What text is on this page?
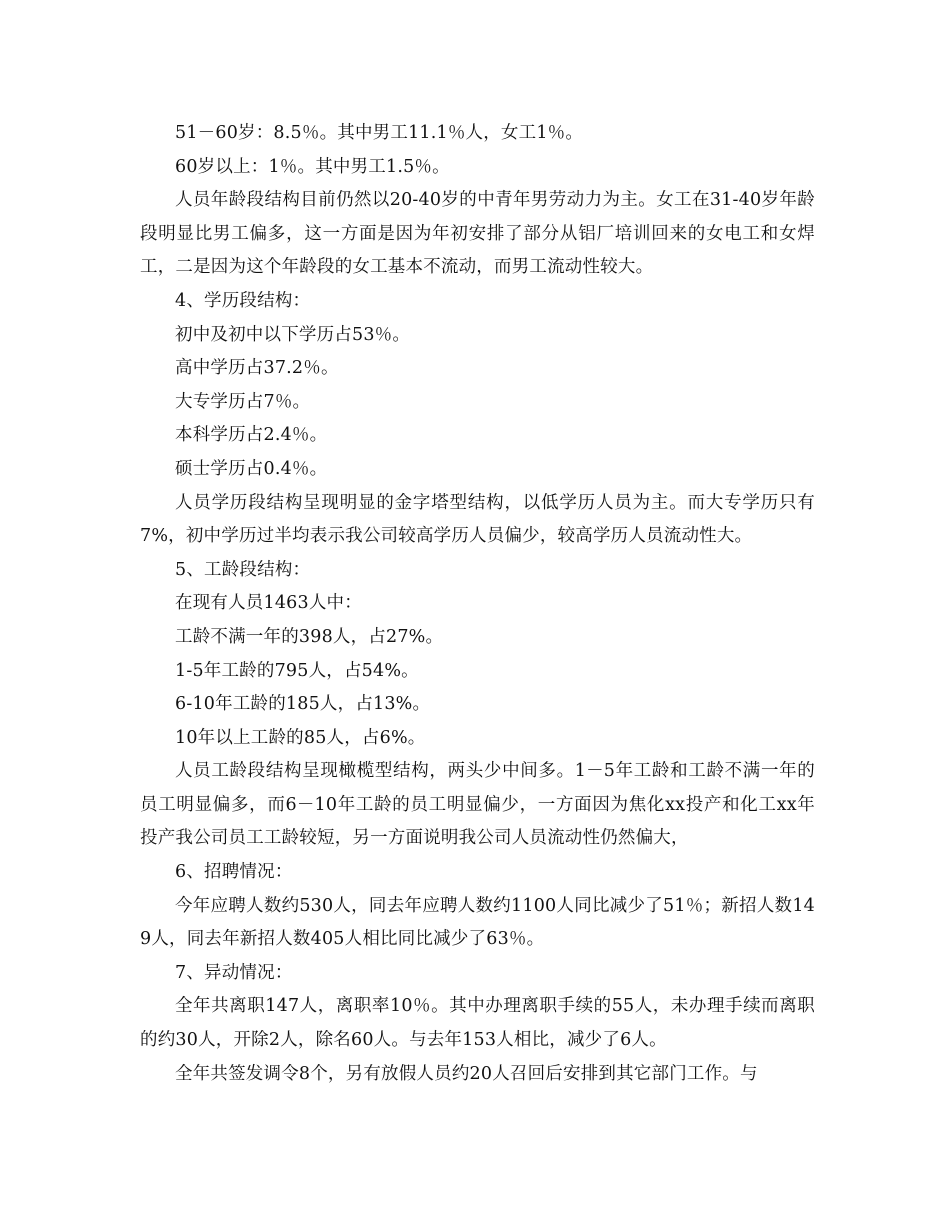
51－60岁：8.5％。其中男工11.1％人，女工1％。

60岁以上：1％。其中男工1.5％。

人员年龄段结构目前仍然以20-40岁的中青年男劳动力为主。女工在31-40岁年龄段明显比男工偏多，这一方面是因为年初安排了部分从铝厂培训回来的女电工和女焊工，二是因为这个年龄段的女工基本不流动，而男工流动性较大。

4、学历段结构：

初中及初中以下学历占53％。

高中学历占37.2％。

大专学历占7％。

本科学历占2.4％。

硕士学历占0.4％。

人员学历段结构呈现明显的金字塔型结构，以低学历人员为主。而大专学历只有7%，初中学历过半均表示我公司较高学历人员偏少，较高学历人员流动性大。

5、工龄段结构：

在现有人员1463人中：

工龄不满一年的398人，占27%。

1-5年工龄的795人，占54%。

6-10年工龄的185人，占13%。

10年以上工龄的85人，占6%。

人员工龄段结构呈现橄榄型结构，两头少中间多。1－5年工龄和工龄不满一年的员工明显偏多，而6－10年工龄的员工明显偏少，一方面因为焦化xx投产和化工xx年投产我公司员工工龄较短，另一方面说明我公司人员流动性仍然偏大，

6、招聘情况：

今年应聘人数约530人，同去年应聘人数约1100人同比减少了51％；新招人数149人，同去年新招人数405人相比同比减少了63％。

7、异动情况：

全年共离职147人，离职率10％。其中办理离职手续的55人，未办理手续而离职的约30人，开除2人，除名60人。与去年153人相比，减少了6人。

全年共签发调令8个，另有放假人员约20人召回后安排到其它部门工作。与
